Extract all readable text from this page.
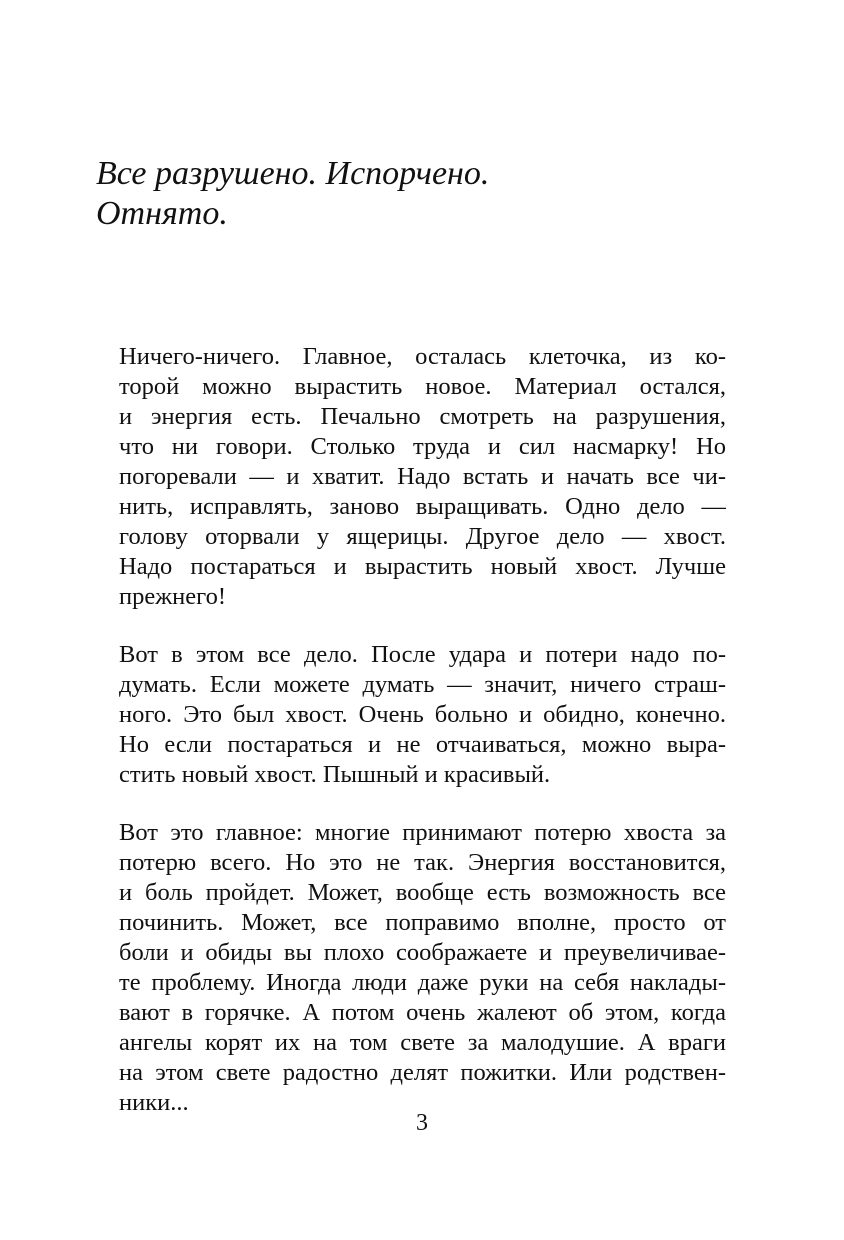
Все разрушено. Испорчено.
Отнято.
Ничего-ничего. Главное, осталась клеточка, из ко-
торой можно вырастить новое. Материал остался,
и энергия есть. Печально смотреть на разрушения,
что ни говори. Столько труда и сил насмарку! Но
погоревали — и хватит. Надо встать и начать все чи-
нить, исправлять, заново выращивать. Одно дело —
голову оторвали у ящерицы. Другое дело — хвост.
Надо постараться и вырастить новый хвост. Лучше
прежнего!
Вот в этом все дело. После удара и потери надо по-
думать. Если можете думать — значит, ничего страш-
ного. Это был хвост. Очень больно и обидно, конечно.
Но если постараться и не отчаиваться, можно выра-
стить новый хвост. Пышный и красивый.
Вот это главное: многие принимают потерю хвоста за
потерю всего. Но это не так. Энергия восстановится,
и боль пройдет. Может, вообще есть возможность все
починить. Может, все поправимо вполне, просто от
боли и обиды вы плохо соображаете и преувеличивае-
те проблему. Иногда люди даже руки на себя наклады-
вают в горячке. А потом очень жалеют об этом, когда
ангелы корят их на том свете за малодушие. А враги
на этом свете радостно делят пожитки. Или родствен-
ники...
3
